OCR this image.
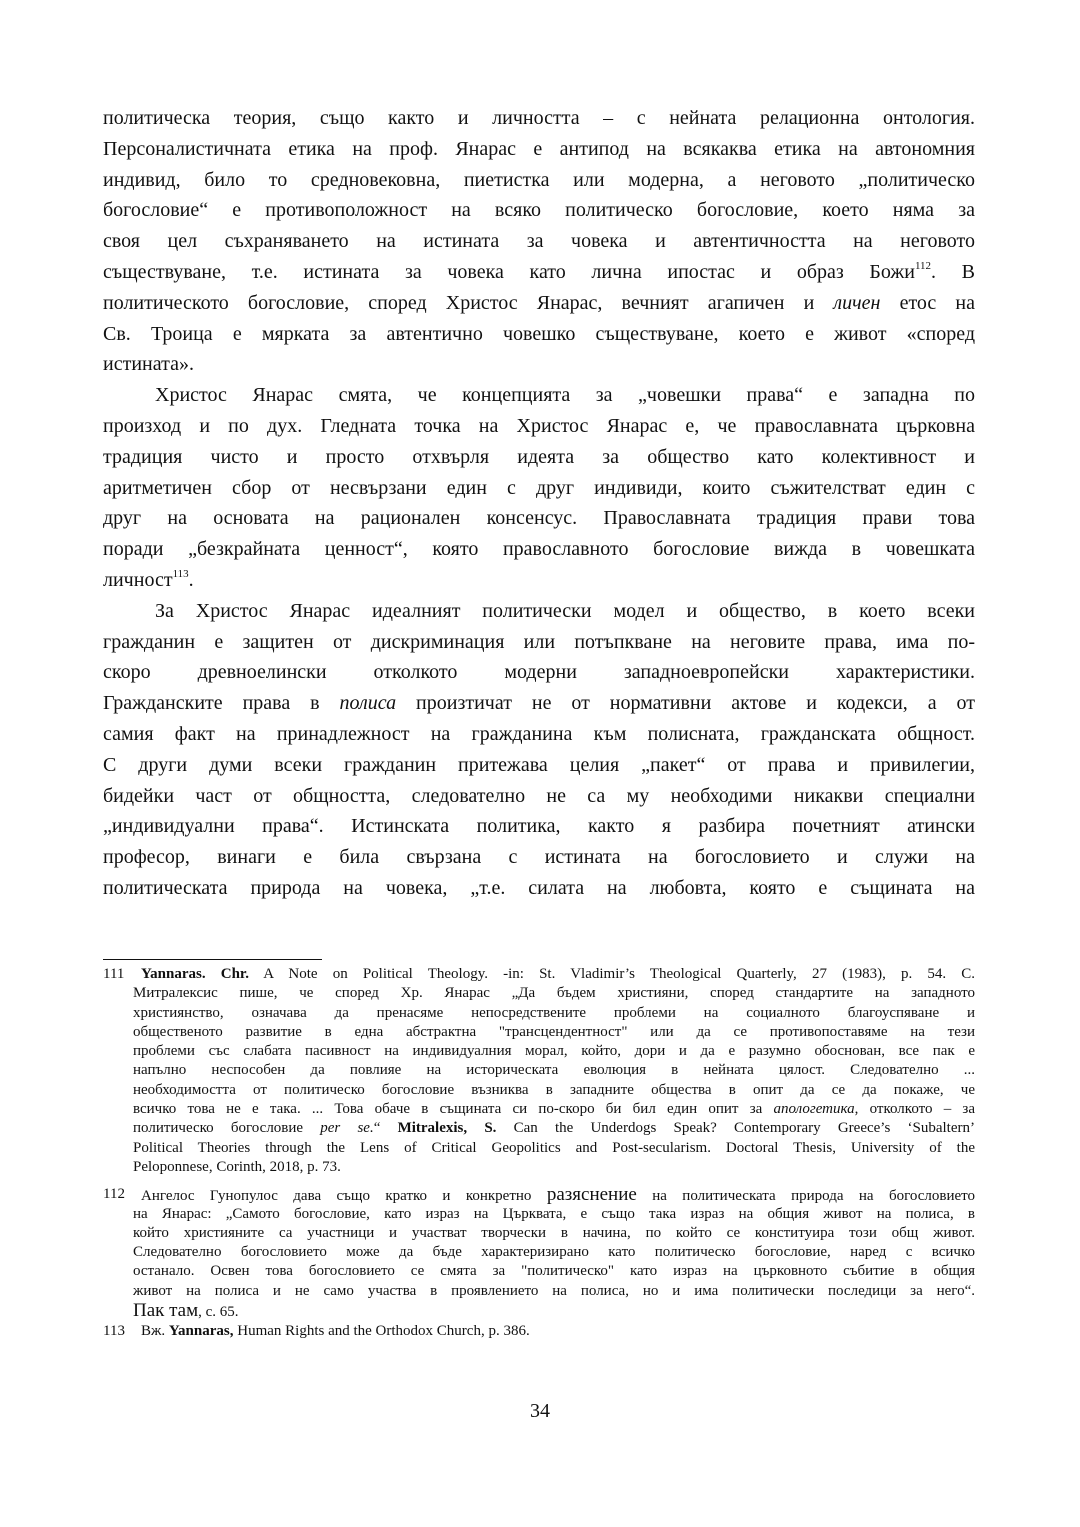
политическа теория, също както и личността – с нейната релационна онтология.
Персоналистичната етика на проф. Янарас е антипод на всякаква етика на автономния
индивид, било то средновековна, пиетистка или модерна, а неговото „политическо
богословие“ е противоположност на всяко политическо богословие, което няма за
своя цел съхраняването на истината за човека и автентичността на неговото
съществуване, т.е. истината за човека като лична ипостас и образ Божи$^{112}$. В
политическото богословие, според Христос Янарас, вечният агапичен и личен етос на
Св. Троица е мярката за автентично човешко съществуване, което е живот «според
истината».
Христос Янарас смята, че концепцията за „човешки права“ е западна по
произход и по дух. Гледната точка на Христос Янарас е, че православната църковна
традиция чисто и просто отхвърля идеята за общество като колективност и
аритметичен сбор от несвързани един с друг индивиди, които съжителстват един с
друг на основата на рационален консенсус. Православната традиция прави това
поради „безкрайната ценност“, която православното богословие вижда в човешката
личност$^{113}$.
За Христос Янарас идеалният политически модел и общество, в което всеки
гражданин е защитен от дискриминация или потъпкване на неговите права, има по-
скоро древноелински отколкото модерни западноевропейски характеристики.
Гражданските права в полиса произтичат не от нормативни актове и кодекси, а от
самия факт на принадлежност на гражданина към полисната, гражданската общност.
С други думи всеки гражданин притежава целия „пакет“ от права и привилегии,
бидейки част от общността, следователно не са му необходими никакви специални
„индивидуални права“. Истинската политика, както я разбира почетният атински
професор, винаги е била свързана с истината на богословието и служи на
политическата природа на човека, „т.е. силата на любовта, която е същината на
111	Yannaras. Chr. A Note on Political Theology. -in: St. Vladimir’s Theological Quarterly, 27 (1983), p. 54. С.
Митралексис пише, че според Хр. Янарас „Да бъдем християни, според стандартите на западното
християнство, означава да пренасяме непосредствените проблеми на социалното благоуспяване и
общественото развитие в една абстрактна "трансцендентност" или да се противопоставяме на тези
проблеми със слабата пасивност на индивидуалния морал, който, дори и да е разумно обоснован, все пак е
напълно неспособен да повлияе на историческата еволюция в нейната цялост. Следователно ...
необходимостта от политическо богословие възниква в западните общества в опит да се да покаже, че
всичко това не е така. ... Това обаче в същината си по-скоро би бил един опит за апологетика, отколкото – за
политическо богословие per se.“ Mitralexis, S. Can the Underdogs Speak? Contemporary Greece’s ‘Subaltern’
Political Theories through the Lens of Critical Geopolitics and Post-secularism. Doctoral Thesis, University of the
Peloponnese, Corinth, 2018, p. 73.
112	Ангелос Гунопулос дава също кратко и конкретно разяснение на политическата природа на богословието
на Янарас: „Самото богословие, като израз на Църквата, е също така израз на общия живот на полиса, в
който християните са участници и участват творчески в начина, по който се конституира този общ живот.
Следователно богословието може да бъде характеризирано като политическо богословие, наред с всичко
останало. Освен това богословието се смята за "политическо" като израз на църковното събитие в общия
живот на полиса и не само участва в проявлението на полиса, но и има политически последици за него“.
Пак там, с. 65.
113	Вж. Yannaras, Human Rights and the Orthodox Church, p. 386.
34
